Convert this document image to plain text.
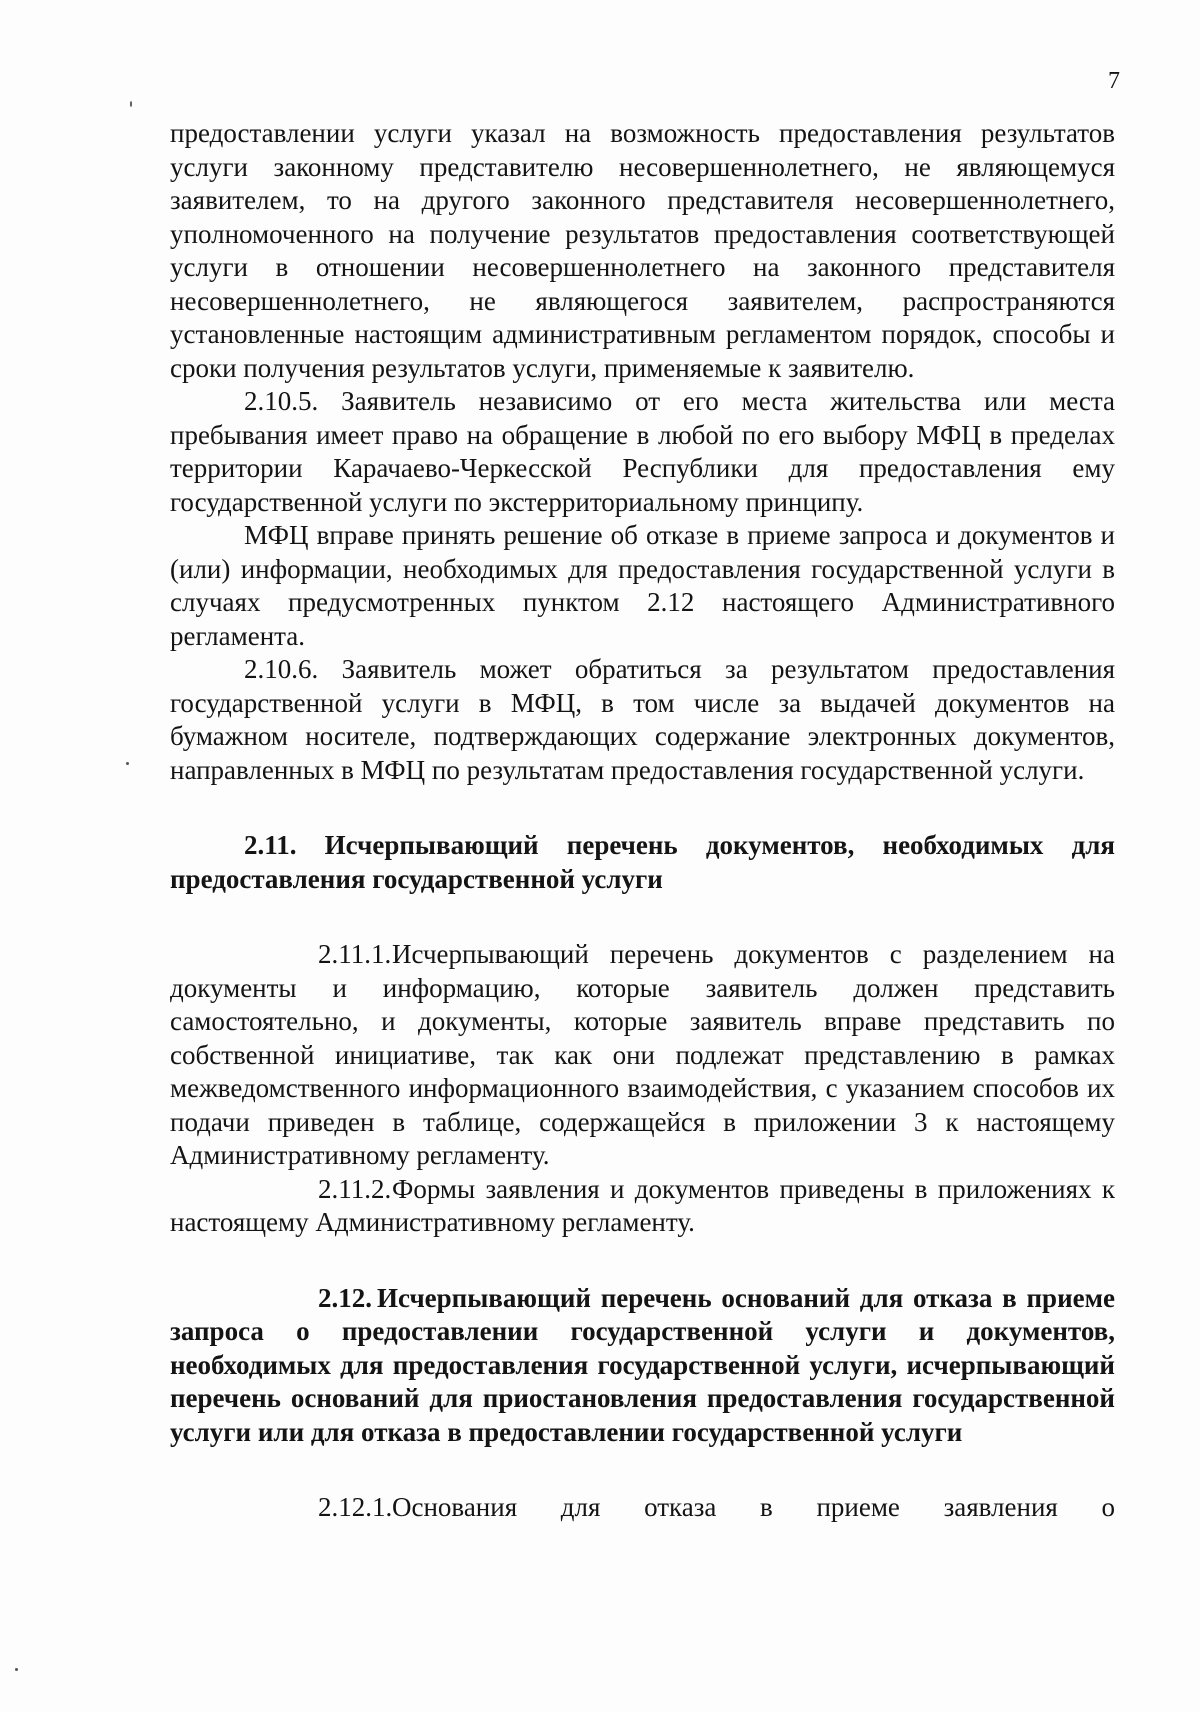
7

предоставлении услуги указал на возможность предоставления результатов услуги законному представителю несовершеннолетнего, не являющемуся заявителем, то на другого законного представителя несовершеннолетнего, уполномоченного на получение результатов предоставления соответствующей услуги в отношении несовершеннолетнего на законного представителя несовершеннолетнего, не являющегося заявителем, распространяются установленные настоящим административным регламентом порядок, способы и сроки получения результатов услуги, применяемые к заявителю.

2.10.5. Заявитель независимо от его места жительства или места пребывания имеет право на обращение в любой по его выбору МФЦ в пределах территории Карачаево-Черкесской Республики для предоставления ему государственной услуги по экстерриториальному принципу.

МФЦ вправе принять решение об отказе в приеме запроса и документов и (или) информации, необходимых для предоставления государственной услуги в случаях предусмотренных пунктом 2.12 настоящего Административного регламента.

2.10.6. Заявитель может обратиться за результатом предоставления государственной услуги в МФЦ, в том числе за выдачей документов на бумажном носителе, подтверждающих содержание электронных документов, направленных в МФЦ по результатам предоставления государственной услуги.

2.11. Исчерпывающий перечень документов, необходимых для предоставления государственной услуги

2.11.1.Исчерпывающий перечень документов с разделением на документы и информацию, которые заявитель должен представить самостоятельно, и документы, которые заявитель вправе представить по собственной инициативе, так как они подлежат представлению в рамках межведомственного информационного взаимодействия, с указанием способов их подачи приведен в таблице, содержащейся в приложении 3 к настоящему Административному регламенту.

2.11.2.Формы заявления и документов приведены в приложениях к настоящему Административному регламенту.

2.12. Исчерпывающий перечень оснований для отказа в приеме запроса о предоставлении государственной услуги и документов, необходимых для предоставления государственной услуги, исчерпывающий перечень оснований для приостановления предоставления государственной услуги или для отказа в предоставлении государственной услуги

2.12.1.Основания для отказа в приеме заявления о
